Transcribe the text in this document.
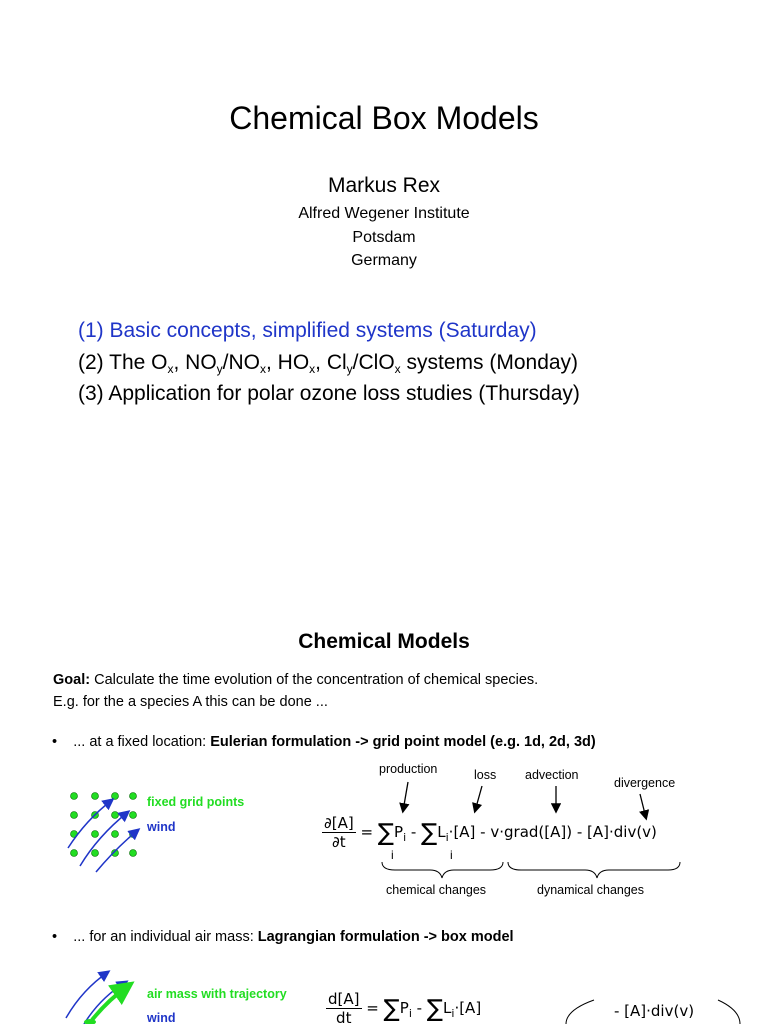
Chemical Box Models
Markus Rex
Alfred Wegener Institute
Potsdam
Germany
(1) Basic concepts, simplified systems (Saturday)
(2) The $O_x$, $NO_y/NO_x$, $HO_x$, $Cl_y/ClO_x$ systems (Monday)
(3) Application for polar ozone loss studies (Thursday)
Chemical Models
Goal: Calculate the time evolution of the concentration of chemical species.
E.g. for the a species A this can be done ...
• ... at a fixed location: Eulerian formulation -> grid point model (e.g. 1d, 2d, 3d)
production	loss advection
divergence
fixed grid points
wind	$\frac{\partial[A]}{\partial t} = \sum P_i - \sum L_i\cdot[A]$ - v·grad([A]) - [A]·div(v)
i	i
chemical changes	dynamical changes
• ... for an individual air mass: Lagrangian formulation -> box model
air mass with trajectory
wind	$\frac{d[A]}{dt} = \sum P_i - \sum L_i\cdot[A]$	- [A]·div(v)
